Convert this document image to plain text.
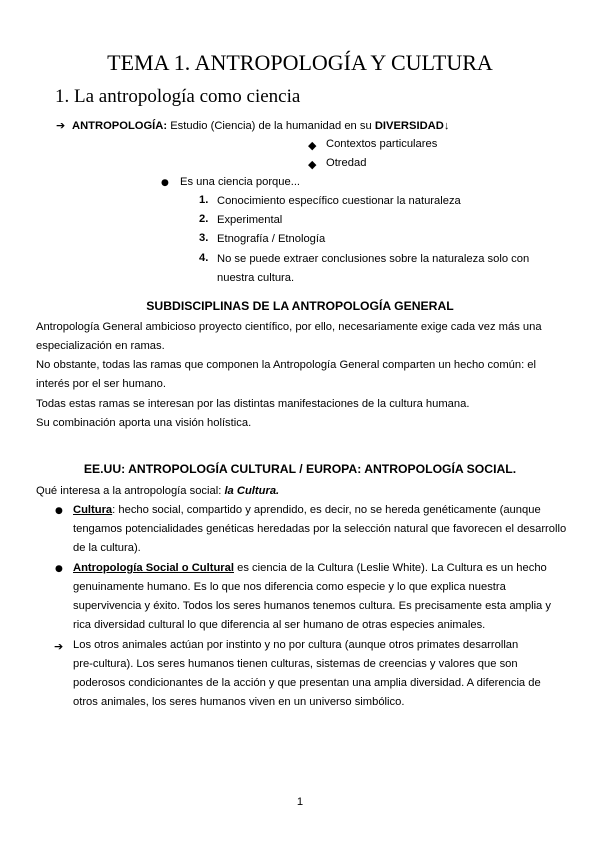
TEMA 1. ANTROPOLOGÍA Y CULTURA
1. La antropología como ciencia
➔ ANTROPOLOGÍA: Estudio (Ciencia) de la humanidad en su DIVERSIDAD↓
◆ Contextos particulares
◆ Otredad
● Es una ciencia porque...
1. Conocimiento específico cuestionar la naturaleza
2. Experimental
3. Etnografía / Etnología
4. No se puede extraer conclusiones sobre la naturaleza solo con
nuestra cultura.
SUBDISCIPLINAS DE LA ANTROPOLOGÍA GENERAL
Antropología General ambicioso proyecto científico, por ello, necesariamente exige cada vez más una
especialización en ramas.
No obstante, todas las ramas que componen la Antropología General comparten un hecho común: el
interés por el ser humano.
Todas estas ramas se interesan por las distintas manifestaciones de la cultura humana.
Su combinación aporta una visión holística.
EE.UU: ANTROPOLOGÍA CULTURAL / EUROPA: ANTROPOLOGÍA SOCIAL.
Qué interesa a la antropología social: la Cultura.
● Cultura: hecho social, compartido y aprendido, es decir, no se hereda genéticamente (aunque
tengamos potencialidades genéticas heredadas por la selección natural que favorecen el desarrollo
de la cultura).
● Antropología Social o Cultural es ciencia de la Cultura (Leslie White). La Cultura es un hecho
genuinamente humano. Es lo que nos diferencia como especie y lo que explica nuestra
supervivencia y éxito. Todos los seres humanos tenemos cultura. Es precisamente esta amplia y
rica diversidad cultural lo que diferencia al ser humano de otras especies animales.
➔ Los otros animales actúan por instinto y no por cultura (aunque otros primates desarrollan
pre-cultura). Los seres humanos tienen culturas, sistemas de creencias y valores que son
poderosos condicionantes de la acción y que presentan una amplia diversidad. A diferencia de
otros animales, los seres humanos viven en un universo simbólico.
1
